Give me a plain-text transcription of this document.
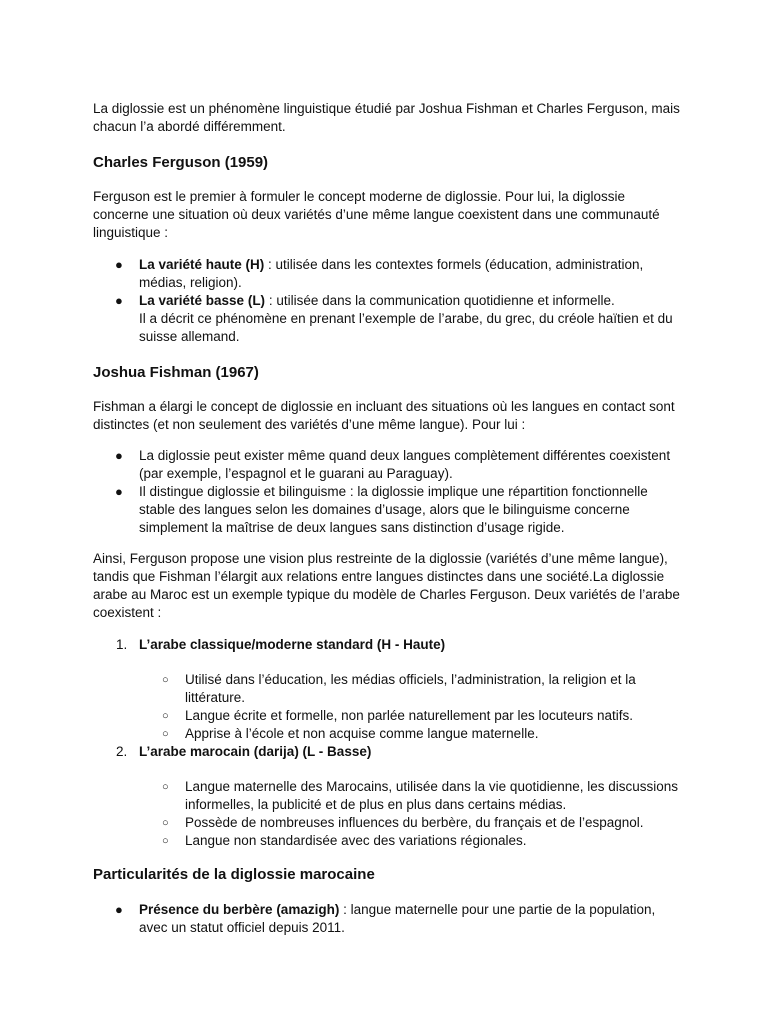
La diglossie est un phénomène linguistique étudié par Joshua Fishman et Charles Ferguson, mais chacun l’a abordé différemment.

Charles Ferguson (1959)

Ferguson est le premier à formuler le concept moderne de diglossie. Pour lui, la diglossie concerne une situation où deux variétés d’une même langue coexistent dans une communauté linguistique :

● La variété haute (H) : utilisée dans les contextes formels (éducation, administration, médias, religion).

● La variété basse (L) : utilisée dans la communication quotidienne et informelle.
Il a décrit ce phénomène en prenant l’exemple de l’arabe, du grec, du créole haïtien et du suisse allemand.

Joshua Fishman (1967)

Fishman a élargi le concept de diglossie en incluant des situations où les langues en contact sont distinctes (et non seulement des variétés d’une même langue). Pour lui :

● La diglossie peut exister même quand deux langues complètement différentes coexistent (par exemple, l’espagnol et le guarani au Paraguay).

● Il distingue diglossie et bilinguisme : la diglossie implique une répartition fonctionnelle stable des langues selon les domaines d’usage, alors que le bilinguisme concerne simplement la maîtrise de deux langues sans distinction d’usage rigide.

Ainsi, Ferguson propose une vision plus restreinte de la diglossie (variétés d’une même langue), tandis que Fishman l’élargit aux relations entre langues distinctes dans une société.La diglossie arabe au Maroc est un exemple typique du modèle de Charles Ferguson. Deux variétés de l’arabe coexistent :

1. L’arabe classique/moderne standard (H - Haute)

○ Utilisé dans l’éducation, les médias officiels, l’administration, la religion et la littérature.

○ Langue écrite et formelle, non parlée naturellement par les locuteurs natifs.

○ Apprise à l’école et non acquise comme langue maternelle.

2. L’arabe marocain (darija) (L - Basse)

○ Langue maternelle des Marocains, utilisée dans la vie quotidienne, les discussions informelles, la publicité et de plus en plus dans certains médias.

○ Possède de nombreuses influences du berbère, du français et de l’espagnol.

○ Langue non standardisée avec des variations régionales.

Particularités de la diglossie marocaine
● Présence du berbère (amazigh) : langue maternelle pour une partie de la population, avec un statut officiel depuis 2011.
